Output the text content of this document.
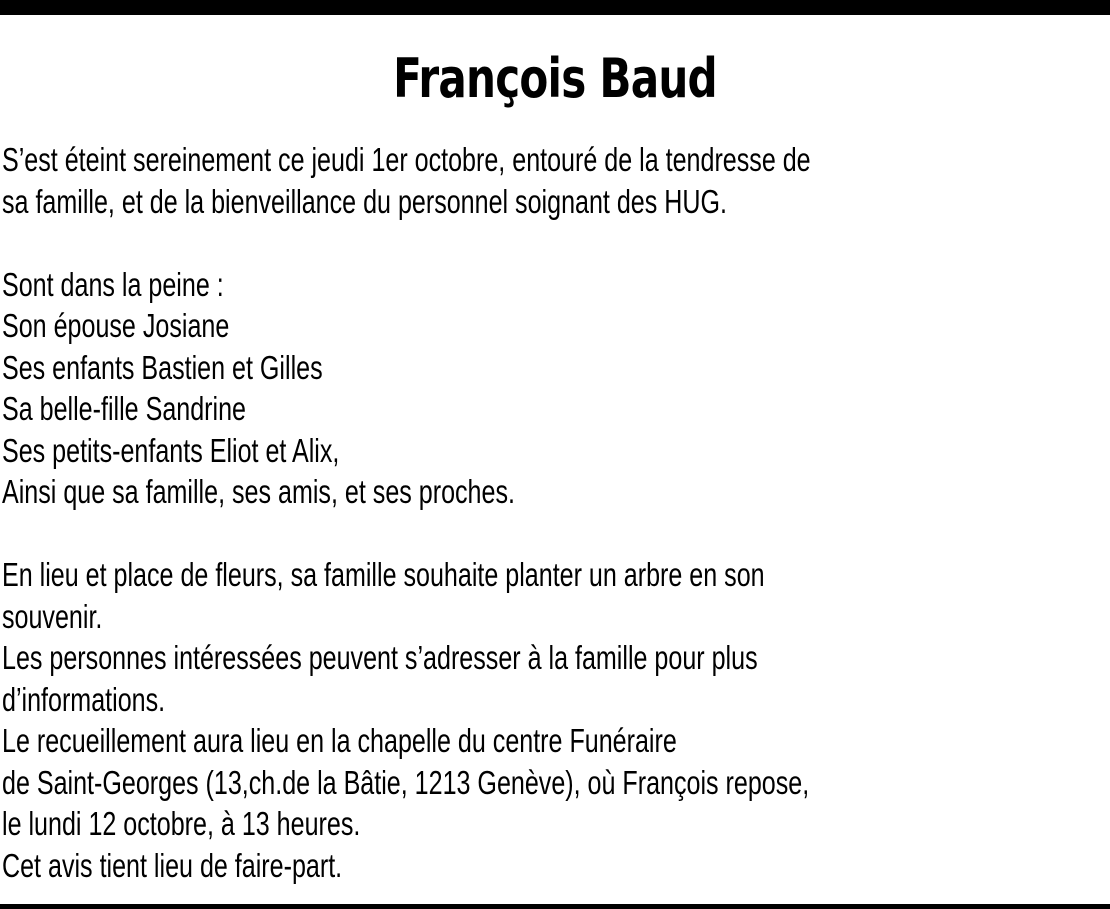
François Baud
S’est éteint sereinement ce jeudi 1er octobre, entouré de la tendresse de
sa famille, et de la bienveillance du personnel soignant des HUG.
Sont dans la peine :
Son épouse Josiane
Ses enfants Bastien et Gilles
Sa belle-fille Sandrine
Ses petits-enfants Eliot et Alix,
Ainsi que sa famille, ses amis, et ses proches.
En lieu et place de fleurs, sa famille souhaite planter un arbre en son
souvenir.
Les personnes intéressées peuvent s’adresser à la famille pour plus
d’informations.
Le recueillement aura lieu en la chapelle du centre Funéraire
de Saint-Georges (13,ch.de la Bâtie, 1213 Genève), où François repose,
le lundi 12 octobre, à 13 heures.
Cet avis tient lieu de faire-part.
